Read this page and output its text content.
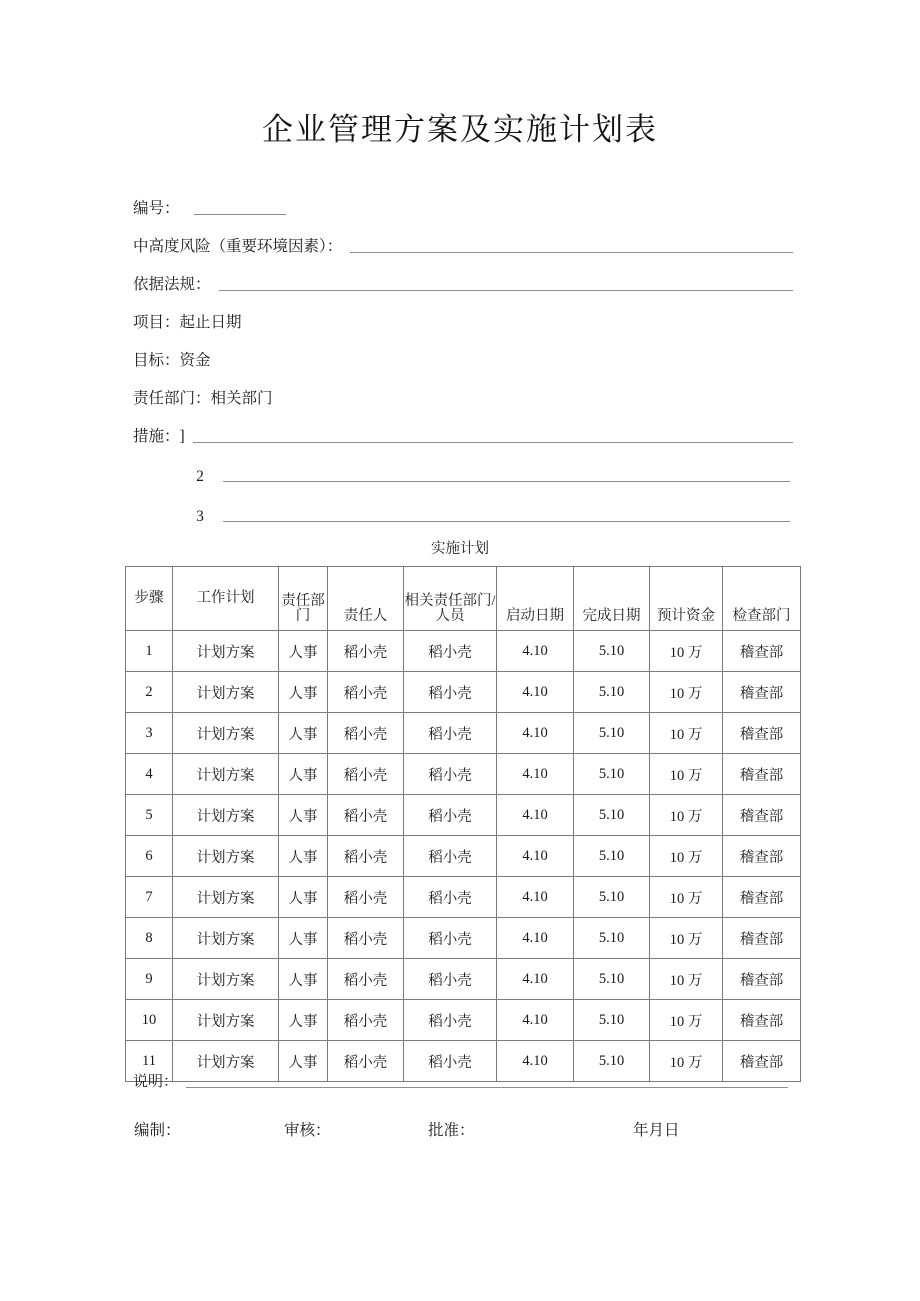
企业管理方案及实施计划表
编号：
中高度风险（重要环境因素）：
依据法规：
项目： 起止日期
目标： 资金
责任部门： 相关部门
措施： ]
2
3
实施计划
步骤	工作计划	责任部门	责任人	相关责任部门/人员	启动日期	完成日期	预计资金	检查部门
1	计划方案	人事	稻小壳	稻小壳	4.10	5.10	10 万	稽查部
2	计划方案	人事	稻小壳	稻小壳	4.10	5.10	10 万	稽查部
3	计划方案	人事	稻小壳	稻小壳	4.10	5.10	10 万	稽查部
4	计划方案	人事	稻小壳	稻小壳	4.10	5.10	10 万	稽查部
5	计划方案	人事	稻小壳	稻小壳	4.10	5.10	10 万	稽查部
6	计划方案	人事	稻小壳	稻小壳	4.10	5.10	10 万	稽查部
7	计划方案	人事	稻小壳	稻小壳	4.10	5.10	10 万	稽查部
8	计划方案	人事	稻小壳	稻小壳	4.10	5.10	10 万	稽查部
9	计划方案	人事	稻小壳	稻小壳	4.10	5.10	10 万	稽查部
10	计划方案	人事	稻小壳	稻小壳	4.10	5.10	10 万	稽查部
11	计划方案	人事	稻小壳	稻小壳	4.10	5.10	10 万	稽查部
说明：
编制：	审核：	批准：	年月日
